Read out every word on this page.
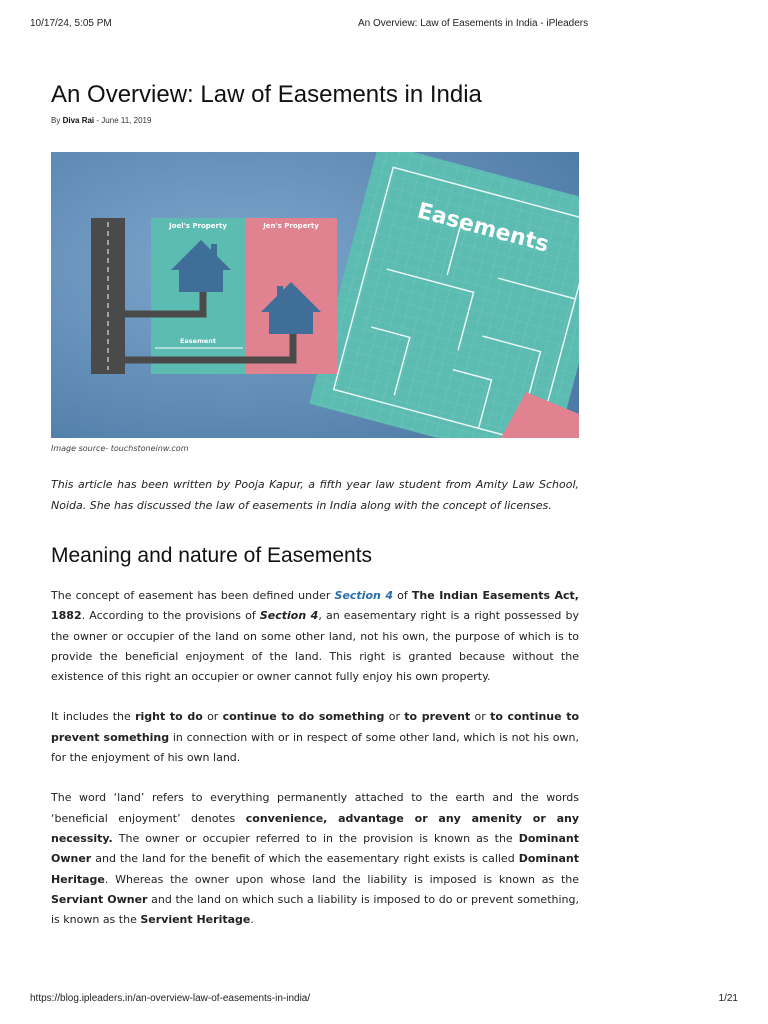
10/17/24, 5:05 PM	An Overview: Law of Easements in India - iPleaders
An Overview: Law of Easements in India
By Diva Rai - June 11, 2019
Easements
Joel's Property	Jen's Property
Easement
Image source- touchstoneinw.com
This article has been written by Pooja Kapur, a fifth year law student from Amity Law School, Noida. She has discussed the law of easements in India along with the concept of licenses.
Meaning and nature of Easements

The concept of easement has been defined under Section 4 of The Indian Easements Act, 1882. According to the provisions of Section 4, an easementary right is a right possessed by the owner or occupier of the land on some other land, not his own, the purpose of which is to provide the beneficial enjoyment of the land. This right is granted because without the existence of this right an occupier or owner cannot fully enjoy his own property.

It includes the right to do or continue to do something or to prevent or to continue to prevent something in connection with or in respect of some other land, which is not his own, for the enjoyment of his own land.

The word ‘land’ refers to everything permanently attached to the earth and the words ‘beneficial enjoyment’ denotes convenience, advantage or any amenity or any necessity. The owner or occupier referred to in the provision is known as the Dominant Owner and the land for the benefit of which the easementary right exists is called Dominant Heritage. Whereas the owner upon whose land the liability is imposed is known as the Serviant Owner and the land on which such a liability is imposed to do or prevent something, is known as the Servient Heritage.

https://blog.ipleaders.in/an-overview-law-of-easements-in-india/	1/21
